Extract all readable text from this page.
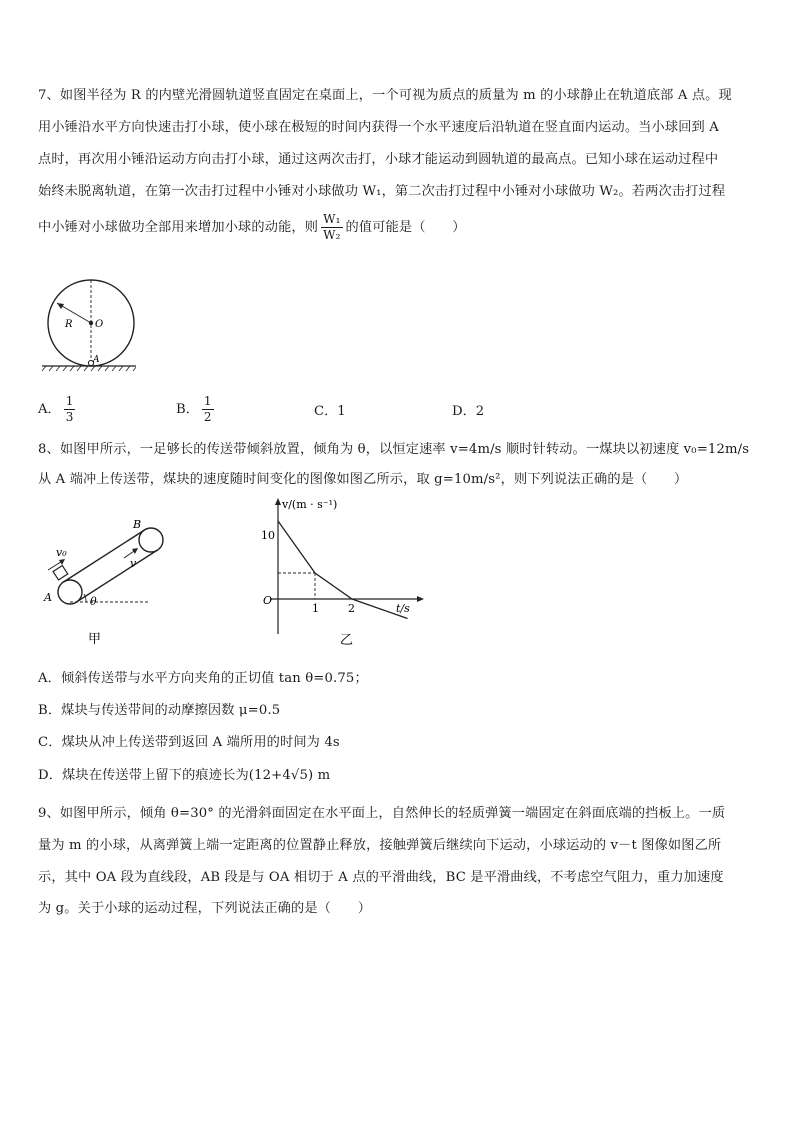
7、如图半径为 R 的内壁光滑圆轨道竖直固定在桌面上，一个可视为质点的质量为 m 的小球静止在轨道底部 A 点。现
用小锤沿水平方向快速击打小球，使小球在极短的时间内获得一个水平速度后沿轨道在竖直面内运动。当小球回到 A
点时，再次用小锤沿运动方向击打小球，通过这两次击打，小球才能运动到圆轨道的最高点。已知小球在运动过程中
始终未脱离轨道，在第一次击打过程中小锤对小球做功 W₁，第二次击打过程中小锤对小球做功 W₂。若两次击打过程
中小锤对小球做功全部用来增加小球的动能，则 $\frac{\text{W₁}}{\text{W₂}}$ 的值可能是（　　）
R O
A
A． $\frac{1}{3}$	B． $\frac{1}{2}$	C．1	D．2
8、如图甲所示，一足够长的传送带倾斜放置，倾角为 θ，以恒定速率 v=4m/s 顺时针转动。一煤块以初速度 v₀=12m/s
从 A 端冲上传送带，煤块的速度随时间变化的图像如图乙所示，取 g=10m/s²，则下列说法正确的是（　　）
B
v₀
v
A	θ
甲
v/(m · s⁻¹)
10
O
1	2	t/s
乙
A．倾斜传送带与水平方向夹角的正切值 tan θ=0.75；
B．煤块与传送带间的动摩擦因数 μ=0.5
C．煤块从冲上传送带到返回 A 端所用的时间为 4s
D．煤块在传送带上留下的痕迹长为(12+4√5) m
9、如图甲所示，倾角 θ=30° 的光滑斜面固定在水平面上，自然伸长的轻质弹簧一端固定在斜面底端的挡板上。一质
量为 m 的小球，从离弹簧上端一定距离的位置静止释放，接触弹簧后继续向下运动，小球运动的 v－t 图像如图乙所
示，其中 OA 段为直线段，AB 段是与 OA 相切于 A 点的平滑曲线，BC 是平滑曲线，不考虑空气阻力，重力加速度
为 g。关于小球的运动过程，下列说法正确的是（　　）
